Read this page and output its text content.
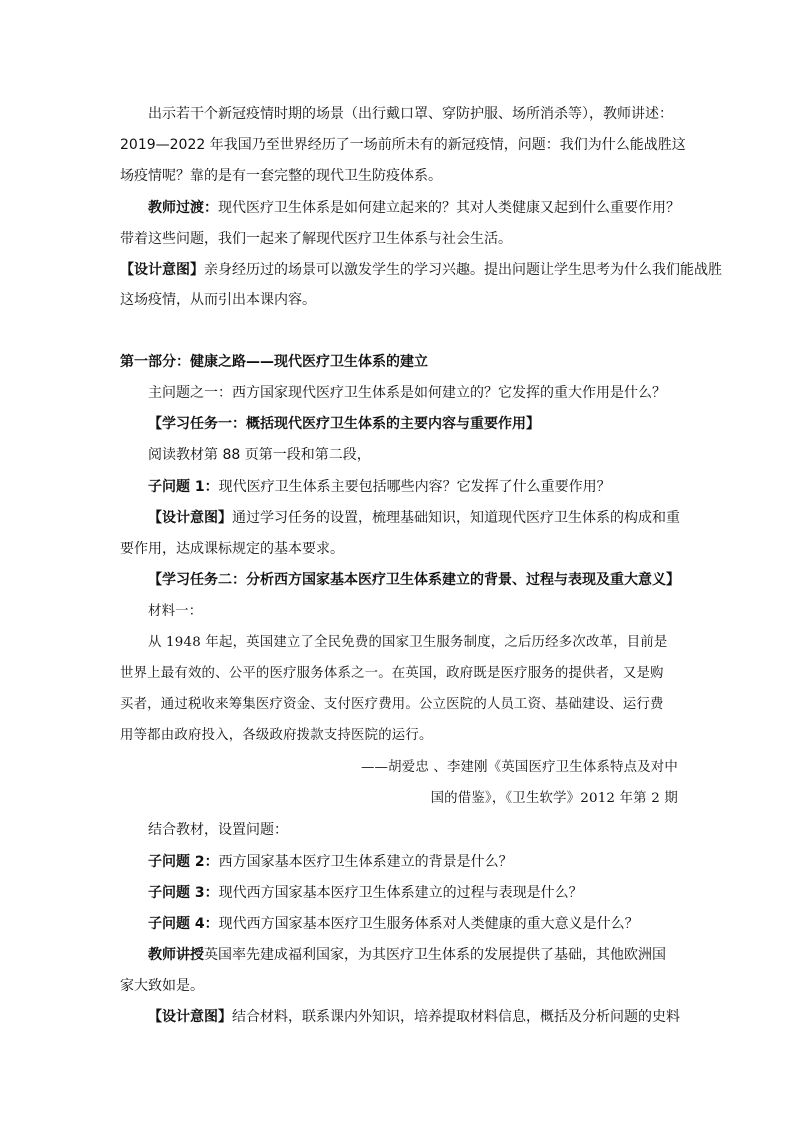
出示若干个新冠疫情时期的场景（出行戴口罩、穿防护服、场所消杀等），教师讲述：
2019—2022 年我国乃至世界经历了一场前所未有的新冠疫情，问题：我们为什么能战胜这
场疫情呢？靠的是有一套完整的现代卫生防疫体系。
教师过渡：现代医疗卫生体系是如何建立起来的？其对人类健康又起到什么重要作用？
带着这些问题，我们一起来了解现代医疗卫生体系与社会生活。
【设计意图】亲身经历过的场景可以激发学生的学习兴趣。提出问题让学生思考为什么我们能战胜
这场疫情，从而引出本课内容。
第一部分：健康之路——现代医疗卫生体系的建立
主问题之一：西方国家现代医疗卫生体系是如何建立的？它发挥的重大作用是什么？
【学习任务一：概括现代医疗卫生体系的主要内容与重要作用】
阅读教材第 88 页第一段和第二段，
子问题 1：现代医疗卫生体系主要包括哪些内容？它发挥了什么重要作用？
【设计意图】通过学习任务的设置，梳理基础知识，知道现代医疗卫生体系的构成和重
要作用，达成课标规定的基本要求。
【学习任务二：分析西方国家基本医疗卫生体系建立的背景、过程与表现及重大意义】
材料一：
从 1948 年起，英国建立了全民免费的国家卫生服务制度，之后历经多次改革，目前是
世界上最有效的、公平的医疗服务体系之一。在英国，政府既是医疗服务的提供者，又是购
买者，通过税收来筹集医疗资金、支付医疗费用。公立医院的人员工资、基础建设、运行费
用等都由政府投入，各级政府拨款支持医院的运行。
——胡爱忠 、李建刚《英国医疗卫生体系特点及对中
国的借鉴》，《卫生软学》2012 年第 2 期
结合教材，设置问题：
子问题 2：西方国家基本医疗卫生体系建立的背景是什么？
子问题 3：现代西方国家基本医疗卫生体系建立的过程与表现是什么？
子问题 4：现代西方国家基本医疗卫生服务体系对人类健康的重大意义是什么？
教师讲授英国率先建成福利国家，为其医疗卫生体系的发展提供了基础，其他欧洲国
家大致如是。
【设计意图】结合材料，联系课内外知识，培养提取材料信息，概括及分析问题的史料
